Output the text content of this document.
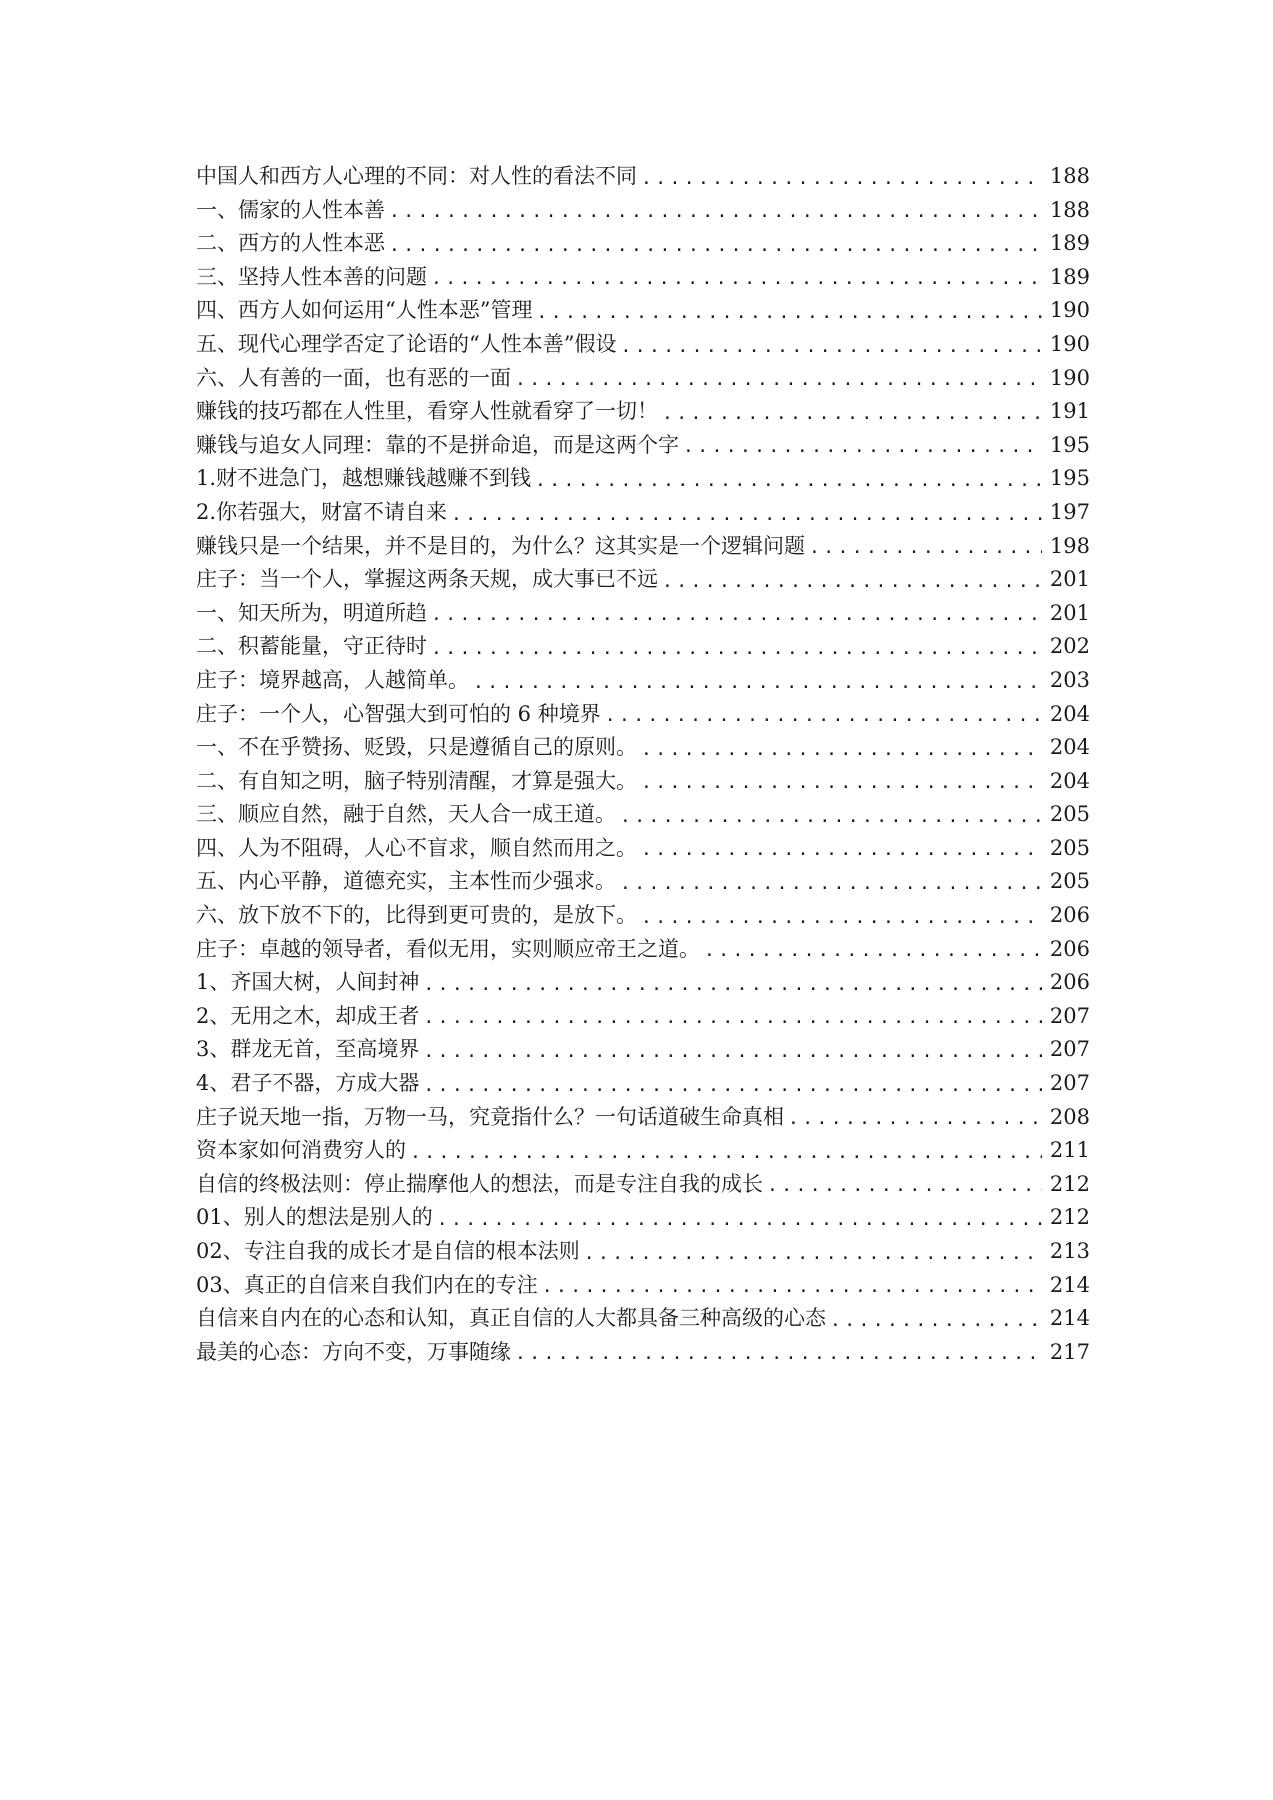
中国人和西方人心理的不同：对人性的看法不同 .....	188
一、儒家的人性本善 .....	188
二、西方的人性本恶 .....	189
三、坚持人性本善的问题 .....	189
四、西方人如何运用“人性本恶”管理 .....	190
五、现代心理学否定了论语的“人性本善”假设 .....	190
六、人有善的一面，也有恶的一面 .....	190
赚钱的技巧都在人性里，看穿人性就看穿了一切！ .....	191
赚钱与追女人同理：靠的不是拼命追，而是这两个字 .....	195
1.财不进急门，越想赚钱越赚不到钱 .....	195
2.你若强大，财富不请自来 .....	197
赚钱只是一个结果，并不是目的，为什么？这其实是一个逻辑问题 .....	198
庄子：当一个人，掌握这两条天规，成大事已不远 .....	201
一、知天所为，明道所趋 .....	201
二、积蓄能量，守正待时 .....	202
庄子：境界越高，人越简单。 .....	203
庄子：一个人，心智强大到可怕的 6 种境界 .....	204
一、不在乎赞扬、贬毁，只是遵循自己的原则。 .....	204
二、有自知之明，脑子特别清醒，才算是强大。 .....	204
三、顺应自然，融于自然，天人合一成王道。 .....	205
四、人为不阻碍，人心不盲求，顺自然而用之。 .....	205
五、内心平静，道德充实，主本性而少强求。 .....	205
六、放下放不下的，比得到更可贵的，是放下。 .....	206
庄子：卓越的领导者，看似无用，实则顺应帝王之道。 .....	206
1、齐国大树，人间封神 .....	206
2、无用之木，却成王者 .....	207
3、群龙无首，至高境界 .....	207
4、君子不器，方成大器 .....	207
庄子说天地一指，万物一马，究竟指什么？一句话道破生命真相 .....	208
资本家如何消费穷人的 .....	211
自信的终极法则：停止揣摩他人的想法，而是专注自我的成长 .....	212
01、别人的想法是别人的 .....	212
02、专注自我的成长才是自信的根本法则 .....	213
03、真正的自信来自我们内在的专注 .....	214
自信来自内在的心态和认知，真正自信的人大都具备三种高级的心态 .....	214
最美的心态：方向不变，万事随缘 .....	217
